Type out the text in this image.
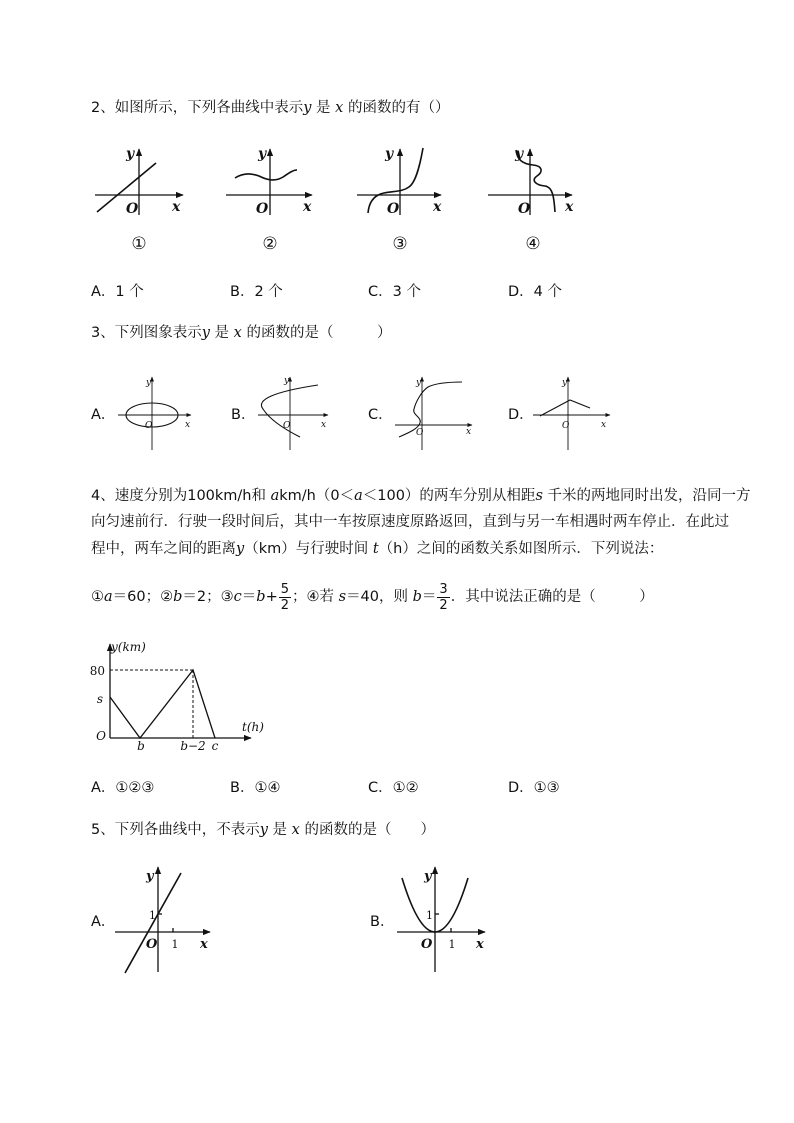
2、如图所示，下列各曲线中表示y 是 x 的函数的有（）
y
O x
①
y
O x
②
y
O x
③
y
O x
④
A．1 个	B．2 个	C．3 个	D．4 个
3、下列图象表示y 是 x 的函数的是（　　　）
A．
y
O	x
B．
y
O	x
C．
y
O	x
D．
y
O	x
4、速度分别为100km/h和 akm/h（0＜a＜100）的两车分别从相距s 千米的两地同时出发，沿同一方
向匀速前行．行驶一段时间后，其中一车按原速度原路返回，直到与另一车相遇时两车停止．在此过
程中，两车之间的距离y（km）与行驶时间 t（h）之间的函数关系如图所示．下列说法：
①a＝60；②b＝2；③c＝b+ $\frac{5}{2}$ ；④若 s＝40，则 $b= \frac{3}{2}$ ．其中说法正确的是（　　　）
y(km)
80
s
O
b	b−2 c
t(h)
A．①②③	B．①④	C．①②	D．①③
5、下列各曲线中，不表示y 是 x 的函数的是（　　）
A．
y
1
O 1 x
B．
y
1
O 1 x
